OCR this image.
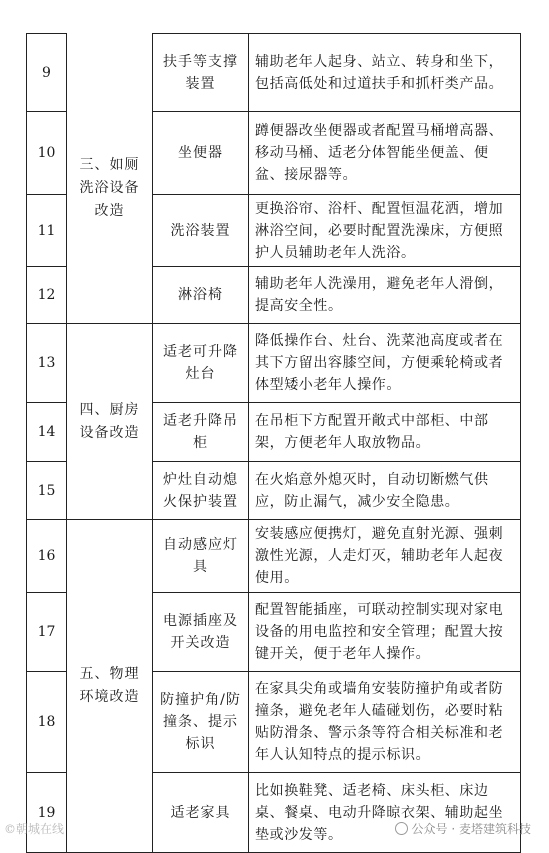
9	三、如厕洗浴设备改造	扶手等支撑装置	辅助老年人起身、站立、转身和坐下，包括高低处和过道扶手和抓杆类产品。
10		坐便器	蹲便器改坐便器或者配置马桶增高器、移动马桶、适老分体智能坐便盖、便盆、接尿器等。
11		洗浴装置	更换浴帘、浴杆、配置恒温花洒，增加淋浴空间，必要时配置洗澡床，方便照护人员辅助老年人洗浴。
12		淋浴椅	辅助老年人洗澡用，避免老年人滑倒，提高安全性。
13	四、厨房设备改造	适老可升降灶台	降低操作台、灶台、洗菜池高度或者在其下方留出容膝空间，方便乘轮椅或者体型矮小老年人操作。
14		适老升降吊柜	在吊柜下方配置开敞式中部柜、中部架，方便老年人取放物品。
15		炉灶自动熄火保护装置	在火焰意外熄灭时，自动切断燃气供应，防止漏气，减少安全隐患。
16	五、物理环境改造	自动感应灯具	安装感应便携灯，避免直射光源、强刺激性光源，人走灯灭，辅助老年人起夜使用。
17		电源插座及开关改造	配置智能插座，可联动控制实现对家电设备的用电监控和安全管理；配置大按键开关，便于老年人操作。
18		防撞护角/防撞条、提示标识	在家具尖角或墙角安装防撞护角或者防撞条，避免老年人磕碰划伤，必要时粘贴防滑条、警示条等符合相关标准和老年人认知特点的提示标识。
19		适老家具	比如换鞋凳、适老椅、床头柜、床边桌、餐桌、电动升降晾衣架、辅助起坐垫或沙发等。
©朝城在线	公众号 · 麦塔建筑科技
